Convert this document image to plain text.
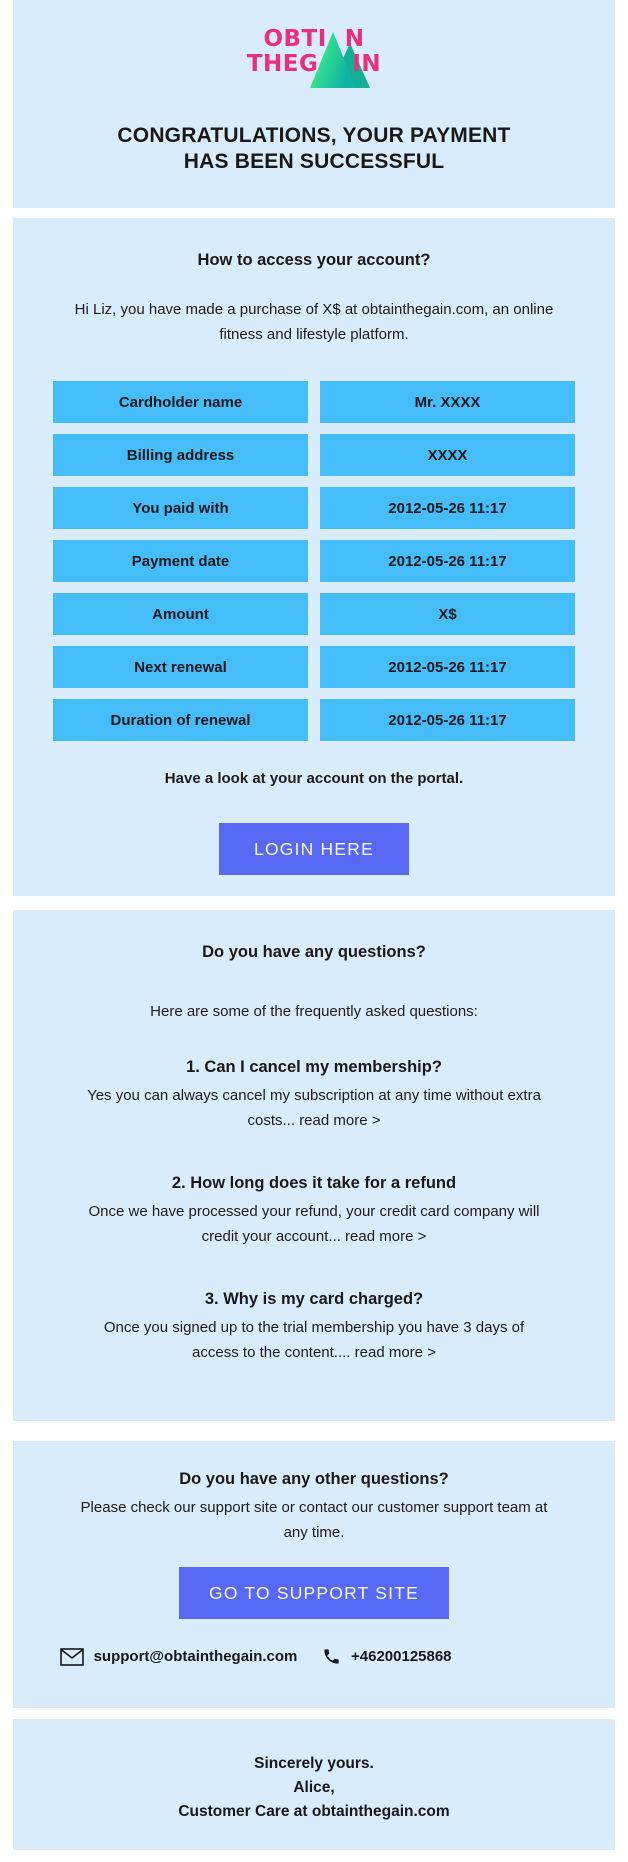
OBTI N
THEG IN
CONGRATULATIONS, YOUR PAYMENT
HAS BEEN SUCCESSFUL
How to access your account?

Hi Liz, you have made a purchase of X$ at obtainthegain.com, an online fitness and lifestyle platform.

Cardholder name	Mr. XXXX
Billing address	XXXX
You paid with	2012-05-26 11:17
Payment date	2012-05-26 11:17
Amount	X$
Next renewal	2012-05-26 11:17
Duration of renewal	2012-05-26 11:17

Have a look at your account on the portal.

LOGIN HERE
Do you have any questions?

Here are some of the frequently asked questions:

1. Can I cancel my membership?

Yes you can always cancel my subscription at any time without extra costs... read more >

2. How long does it take for a refund

Once we have processed your refund, your credit card company will credit your account... read more >

3. Why is my card charged?

Once you signed up to the trial membership you have 3 days of access to the content.... read more >

Do you have any other questions?

Please check our support site or contact our customer support team at any time.

GO TO SUPPORT SITE
support@obtainthegain.com	+46200125868
Sincerely yours.
Alice,
Customer Care at obtainthegain.com
